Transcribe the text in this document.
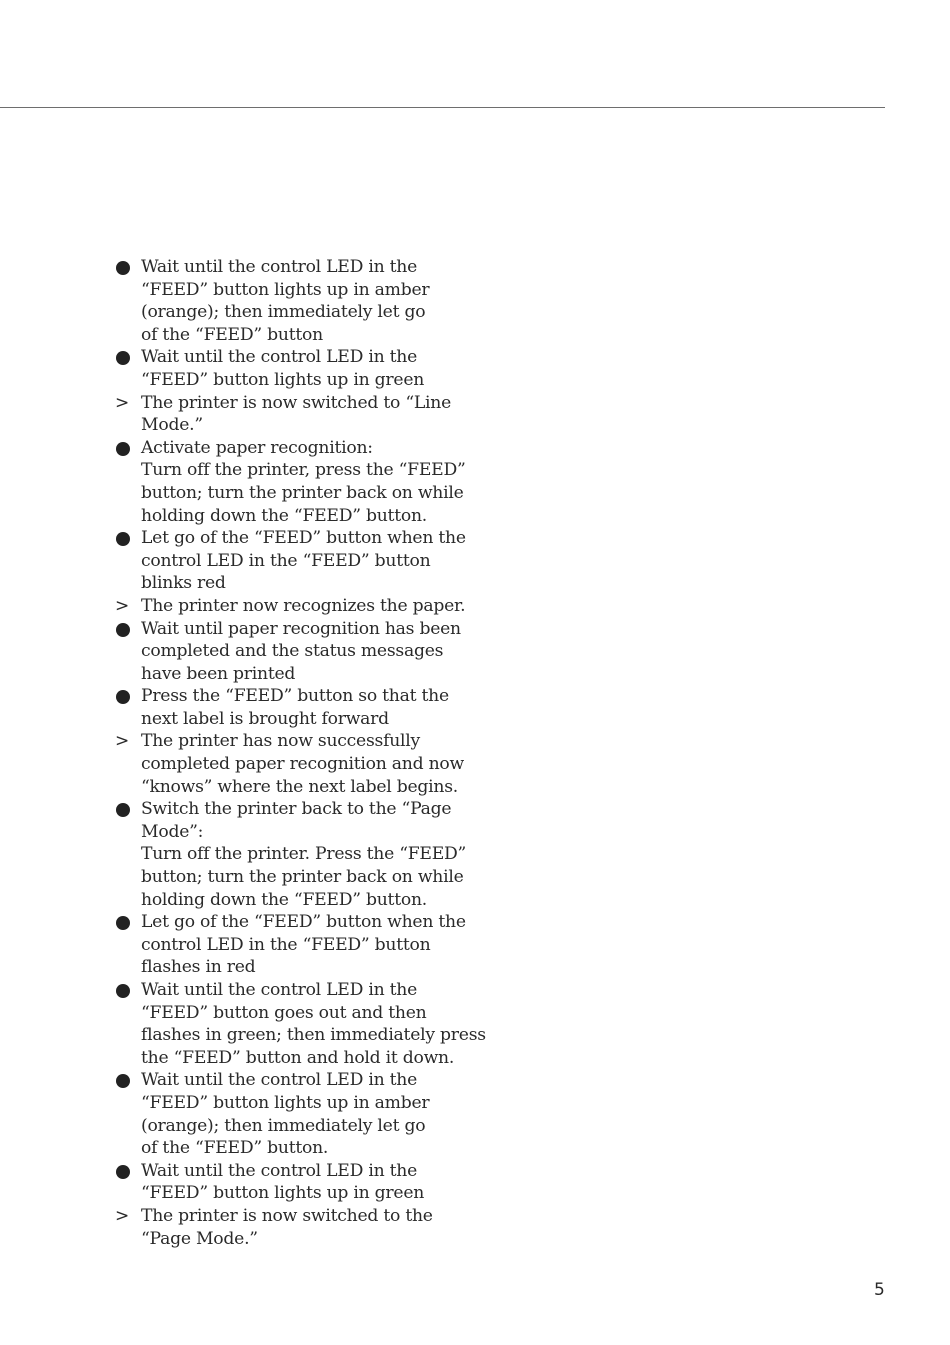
Wait until the control LED in the
“FEED” button lights up in amber
(orange); then immediately let go
of the “FEED” button
Wait until the control LED in the
“FEED” button lights up in green
>
The printer is now switched to “Line
Mode.”
Activate paper recognition:
Turn off the printer, press the “FEED”
button; turn the printer back on while
holding down the “FEED” button.
Let go of the “FEED” button when the
control LED in the “FEED” button
blinks red
>
The printer now recognizes the paper.
Wait until paper recognition has been
completed and the status messages
have been printed
Press the “FEED” button so that the
next label is brought forward
>
The printer has now successfully
completed paper recognition and now
“knows” where the next label begins.
Switch the printer back to the “Page
Mode”:
Turn off the printer. Press the “FEED”
button; turn the printer back on while
holding down the “FEED” button.
Let go of the “FEED” button when the
control LED in the “FEED” button
flashes in red
Wait until the control LED in the
“FEED” button goes out and then
flashes in green; then immediately press
the “FEED” button and hold it down.
Wait until the control LED in the
“FEED” button lights up in amber
(orange); then immediately let go
of the “FEED” button.
Wait until the control LED in the
“FEED” button lights up in green
>
The printer is now switched to the
“Page Mode.”
5
